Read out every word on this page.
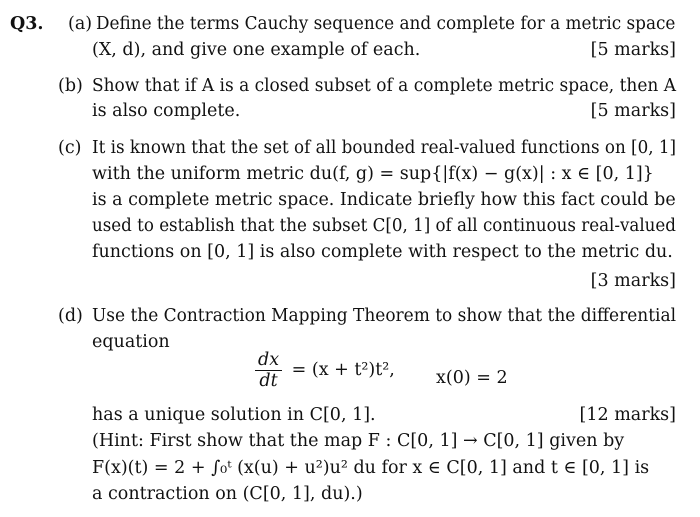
Q3. (a) Define the terms Cauchy sequence and complete for a metric space
(X, d), and give one example of each.	[5 marks]
(b) Show that if A is a closed subset of a complete metric space, then A
is also complete.	[5 marks]
(c) It is known that the set of all bounded real-valued functions on [0, 1]
with the uniform metric du(f, g) = sup{|f(x) − g(x)| : x ∈ [0, 1]}
is a complete metric space. Indicate briefly how this fact could be
used to establish that the subset C[0, 1] of all continuous real-valued
functions on [0, 1] is also complete with respect to the metric du.
[3 marks]
(d) Use the Contraction Mapping Theorem to show that the differential
equation
$\frac{dx}{dt} = (x + t^2)t^2$, x(0) = 2
has a unique solution in C[0, 1].	[12 marks]
(Hint: First show that the map F : C[0, 1] → C[0, 1] given by
F(x)(t) = 2 + ∫₀ᵗ (x(u) + u²)u² du for x ∈ C[0, 1] and t ∈ [0, 1] is
a contraction on (C[0, 1], du).)
